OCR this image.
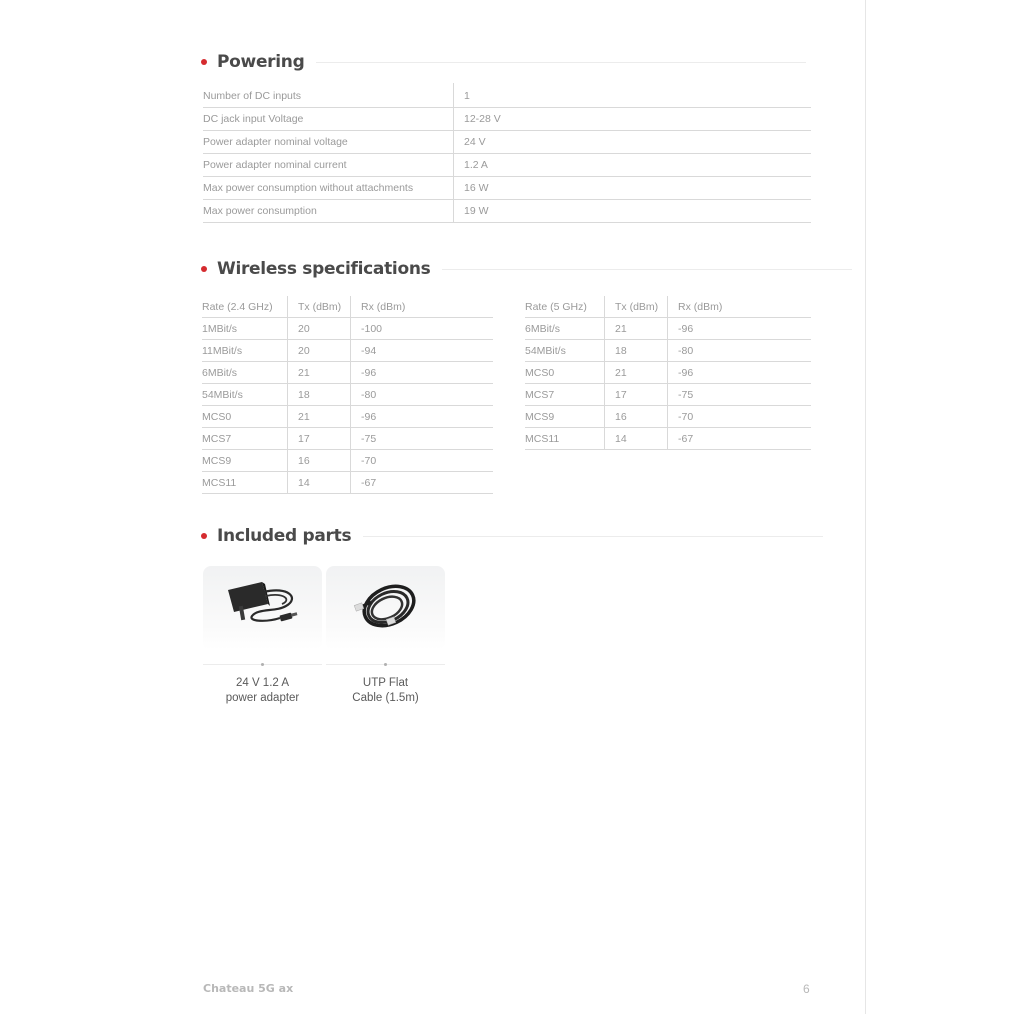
Powering
Number of DC inputs	1
DC jack input Voltage	12-28 V
Power adapter nominal voltage	24 V
Power adapter nominal current	1.2 A
Max power consumption without attachments	16 W
Max power consumption	19 W
Wireless specifications
Rate (2.4 GHz)	Tx (dBm)	Rx (dBm)
1MBit/s	20	-100
11MBit/s	20	-94
6MBit/s	21	-96
54MBit/s	18	-80
MCS0	21	-96
MCS7	17	-75
MCS9	16	-70
MCS11	14	-67
Rate (5 GHz)	Tx (dBm)	Rx (dBm)
6MBit/s	21	-96
54MBit/s	18	-80
MCS0	21	-96
MCS7	17	-75
MCS9	16	-70
MCS11	14	-67
Included parts
24 V 1.2 A
power adapter
UTP Flat
Cable (1.5m)
Chateau 5G ax	6
